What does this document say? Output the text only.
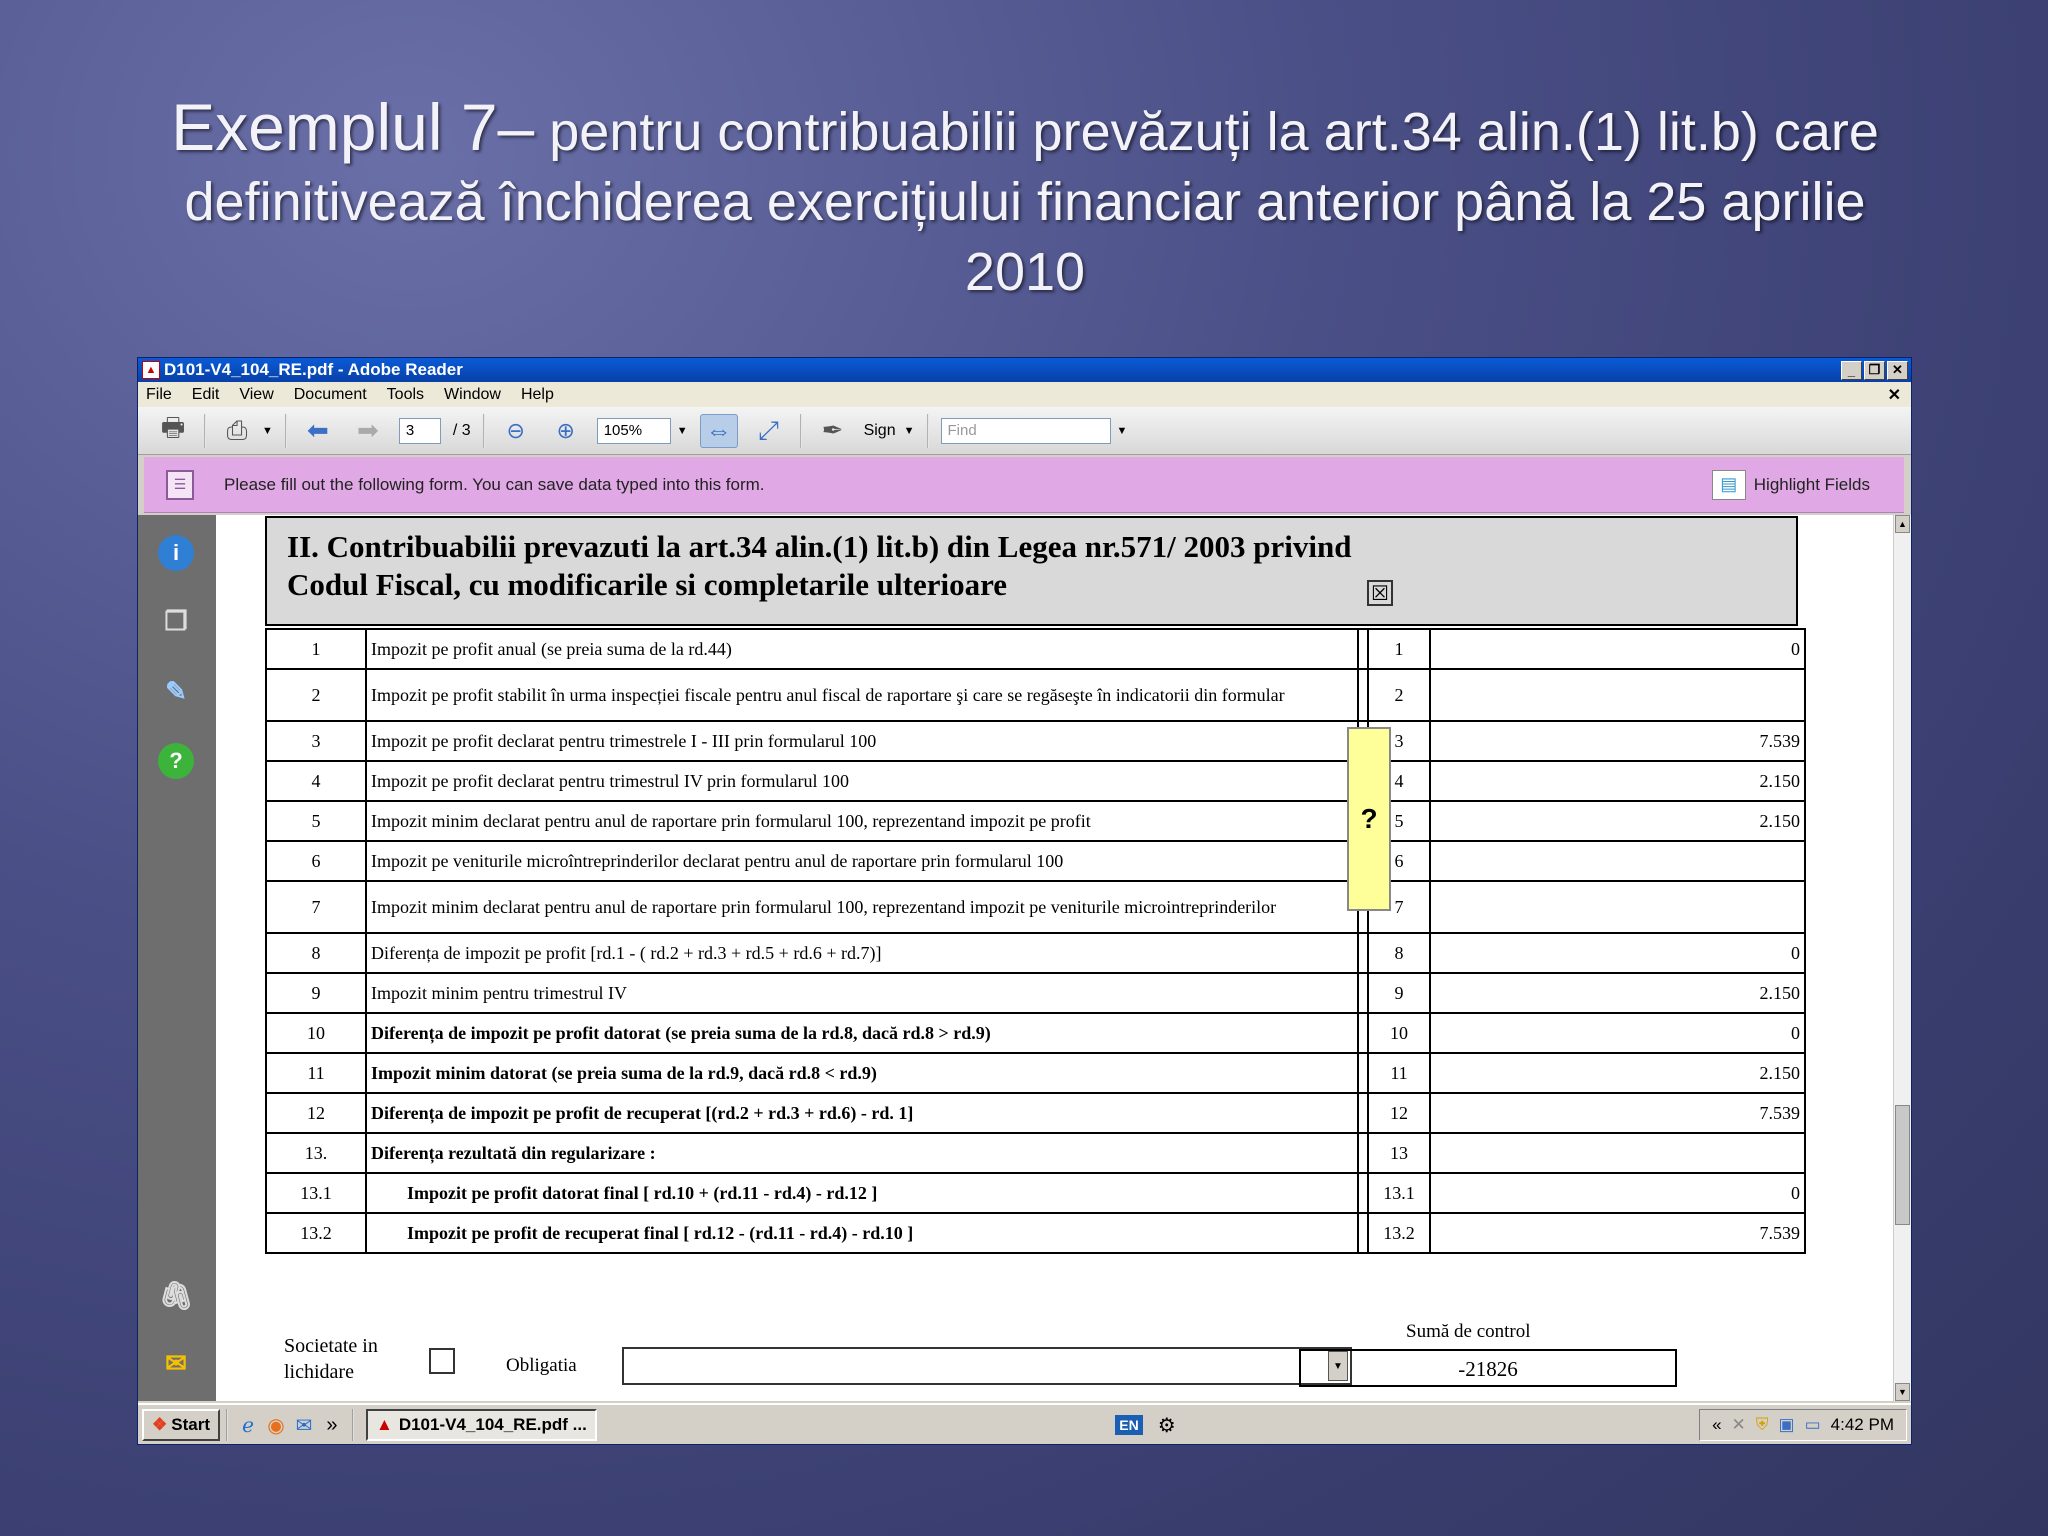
Exemplul 7– pentru contribuabilii prevăzuți la art.34 alin.(1) lit.b) care definitivează închiderea exercițiului financiar anterior până la 25 aprilie 2010
▲ D101-V4_104_RE.pdf - Adobe Reader	_	❐ ✕
File Edit View Document Tools Window Help	✕
🖶	⎙	▼	⬅	➡	3	/ 3	⊖	⊕	105%	▼ ⇔	⤢	✒	Sign ▼	Find	▼
☰	Please fill out the following form. You can save data typed into this form.	▤ Highlight Fields
i
❐
✎
?
🖇
✉
II. Contribuabilii prevazuti la art.34 alin.(1) lit.b) din Legea nr.571/ 2003 privind
Codul Fiscal, cu modificarile si completarile ulterioare	☒
1	Impozit pe profit anual (se preia suma de la rd.44)		1	0
2	Impozit pe profit stabilit în urma inspecției fiscale pentru anul fiscal de raportare şi care se regăseşte în indicatorii din formular		2	
3	Impozit pe profit declarat pentru trimestrele I - III prin formularul 100		3	7.539
4	Impozit pe profit declarat pentru trimestrul IV prin formularul 100		4	2.150
5	Impozit minim declarat pentru anul de raportare prin formularul 100, reprezentand impozit pe profit		5	2.150
6	Impozit pe veniturile microîntreprinderilor declarat pentru anul de raportare prin formularul 100		6	
7	Impozit minim declarat pentru anul de raportare prin formularul 100, reprezentand impozit pe veniturile microintreprinderilor		7	
8	Diferența de impozit pe profit [rd.1 - ( rd.2 + rd.3 + rd.5 + rd.6 + rd.7)]		8	0
9	Impozit minim pentru trimestrul IV		9	2.150
10	Diferența de impozit pe profit datorat (se preia suma de la rd.8, dacă rd.8 > rd.9)		10	0
11	Impozit minim datorat (se preia suma de la rd.9, dacă rd.8 < rd.9)		11	2.150
12	Diferența de impozit pe profit de recuperat [(rd.2 + rd.3 + rd.6) - rd. 1]		12	7.539
13.	Diferența rezultată din regularizare :		13	
13.1	Impozit pe profit datorat final [ rd.10 + (rd.11 - rd.4) - rd.12 ]		13.1	0
13.2	Impozit pe profit de recuperat final [ rd.12 - (rd.11 - rd.4) - rd.10 ]		13.2	7.539
?
Societate in
lichidare	Obligatia	▼
Sumă de control
-21826
▲
▼
❖ Start	ℯ ◉ ✉ »	▲ D101-V4_104_RE.pdf ...	EN ⚙	« ✕ ⛨ ▣ ▭ 4:42 PM
